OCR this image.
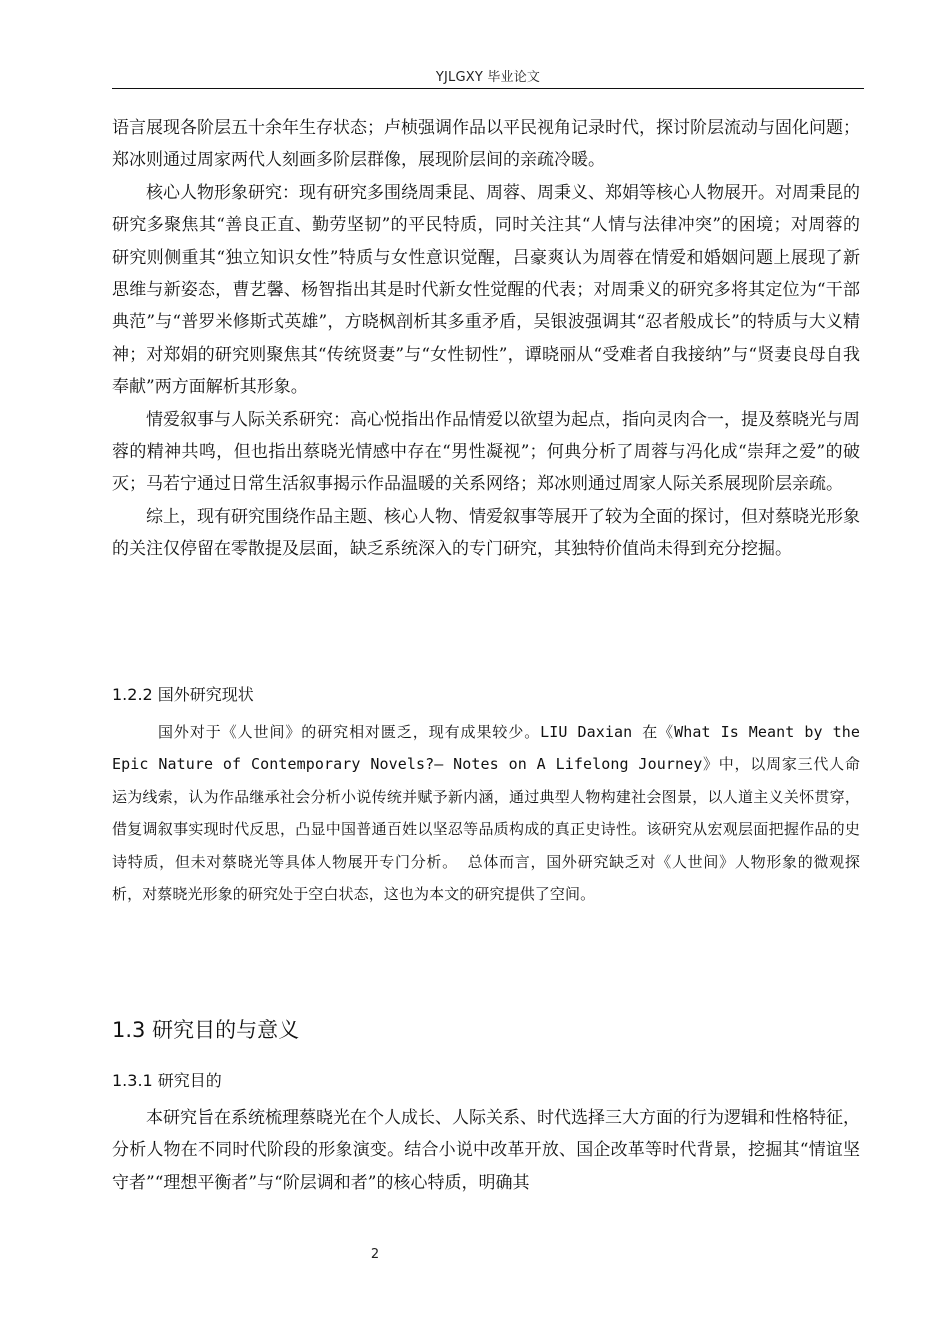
YJLGXY 毕业论文

语言展现各阶层五十余年生存状态；卢桢强调作品以平民视角记录时代，探讨阶层流动与固化问题；郑冰则通过周家两代人刻画多阶层群像，展现阶层间的亲疏冷暖。

核心人物形象研究：现有研究多围绕周秉昆、周蓉、周秉义、郑娟等核心人物展开。对周秉昆的研究多聚焦其“善良正直、勤劳坚韧”的平民特质，同时关注其“人情与法律冲突”的困境；对周蓉的研究则侧重其“独立知识女性”特质与女性意识觉醒，吕豪爽认为周蓉在情爱和婚姻问题上展现了新思维与新姿态，曹艺馨、杨智指出其是时代新女性觉醒的代表；对周秉义的研究多将其定位为“干部典范”与“普罗米修斯式英雄”，方晓枫剖析其多重矛盾，吴银波强调其“忍者般成长”的特质与大义精神；对郑娟的研究则聚焦其“传统贤妻”与“女性韧性”，谭晓丽从“受难者自我接纳”与“贤妻良母自我奉献”两方面解析其形象。

情爱叙事与人际关系研究：高心悦指出作品情爱以欲望为起点，指向灵肉合一，提及蔡晓光与周蓉的精神共鸣，但也指出蔡晓光情感中存在“男性凝视”；何典分析了周蓉与冯化成“崇拜之爱”的破灭；马若宁通过日常生活叙事揭示作品温暖的关系网络；郑冰则通过周家人际关系展现阶层亲疏。

综上，现有研究围绕作品主题、核心人物、情爱叙事等展开了较为全面的探讨，但对蔡晓光形象的关注仅停留在零散提及层面，缺乏系统深入的专门研究，其独特价值尚未得到充分挖掘。

1.2.2 国外研究现状

国外对于《人世间》的研究相对匮乏，现有成果较少。LIU Daxian 在《What Is Meant by the Epic Nature of Contemporary Novels?— Notes on A Lifelong Journey》中，以周家三代人命运为线索，认为作品继承社会分析小说传统并赋予新内涵，通过典型人物构建社会图景，以人道主义关怀贯穿，借复调叙事实现时代反思，凸显中国普通百姓以坚忍等品质构成的真正史诗性。该研究从宏观层面把握作品的史诗特质，但未对蔡晓光等具体人物展开专门分析。 总体而言，国外研究缺乏对《人世间》人物形象的微观探析，对蔡晓光形象的研究处于空白状态，这也为本文的研究提供了空间。

1.3 研究目的与意义
1.3.1 研究目的

本研究旨在系统梳理蔡晓光在个人成长、人际关系、时代选择三大方面的行为逻辑和性格特征，分析人物在不同时代阶段的形象演变。结合小说中改革开放、国企改革等时代背景，挖掘其“情谊坚守者”“理想平衡者”与“阶层调和者”的核心特质，明确其

2
